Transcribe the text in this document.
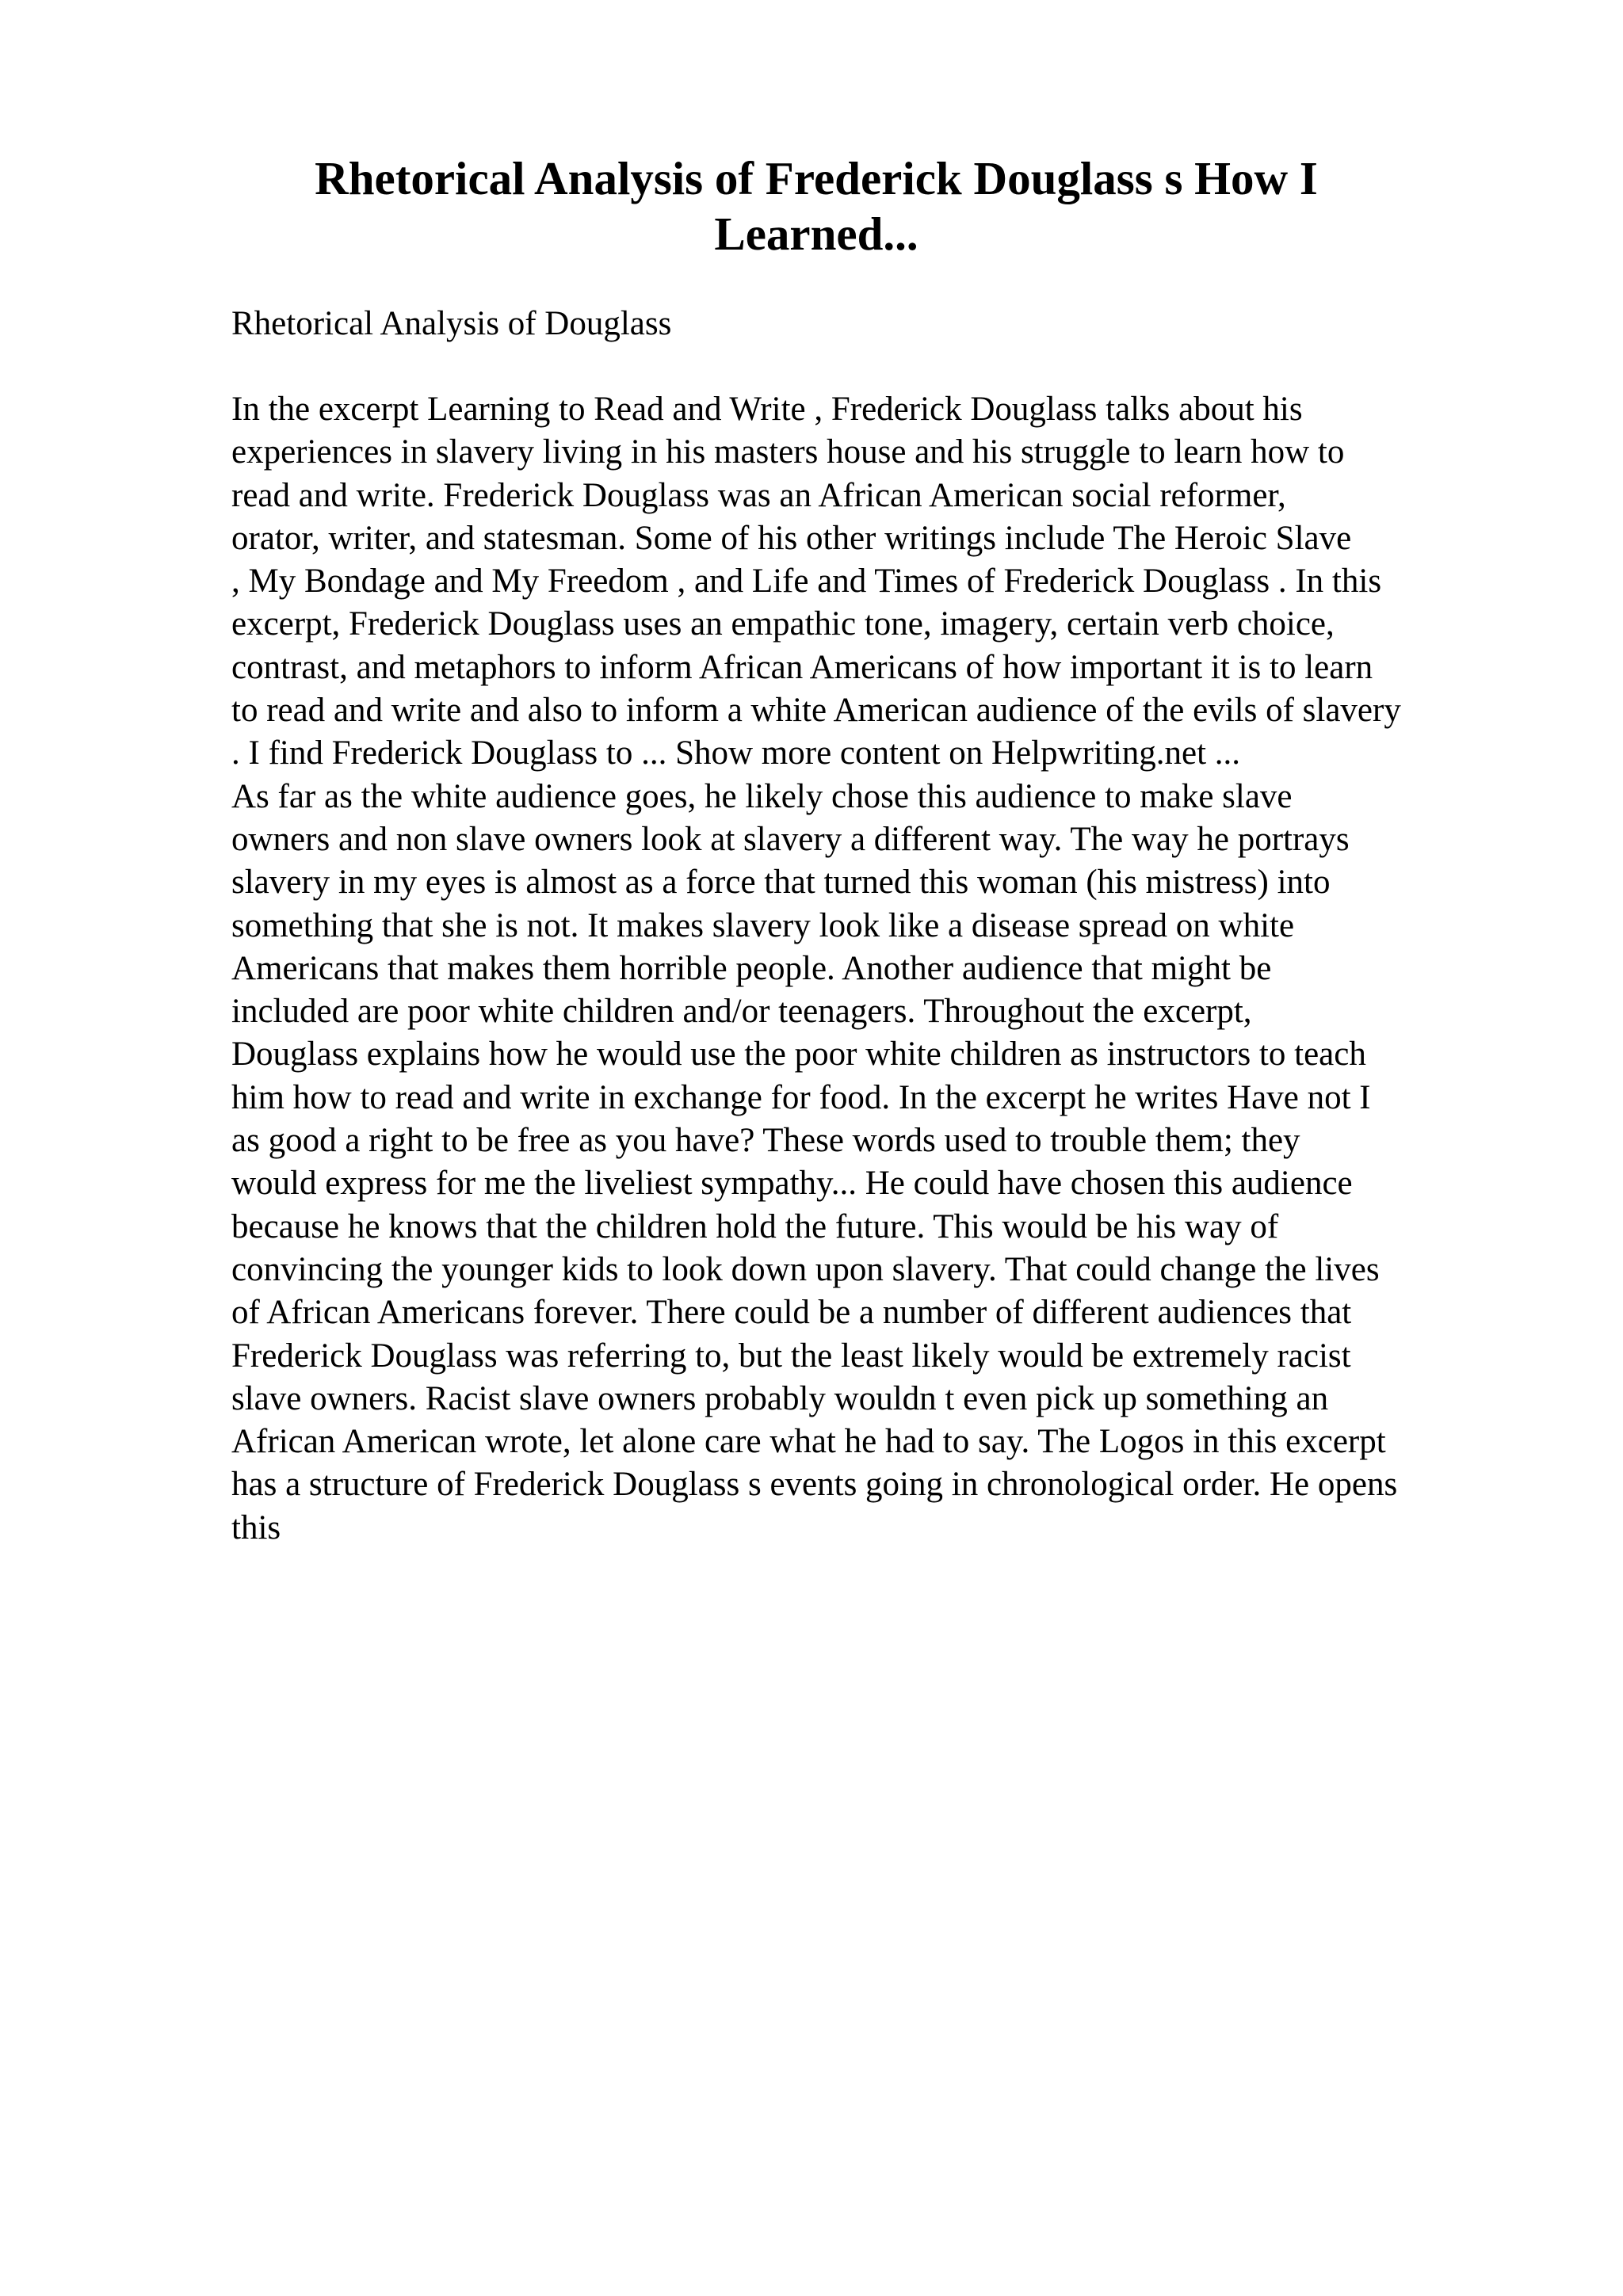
Rhetorical Analysis of Frederick Douglass s How I
Learned...

Rhetorical Analysis of Douglass

In the excerpt Learning to Read and Write , Frederick Douglass talks about his
experiences in slavery living in his masters house and his struggle to learn how to
read and write. Frederick Douglass was an African American social reformer,
orator, writer, and statesman. Some of his other writings include The Heroic Slave
, My Bondage and My Freedom , and Life and Times of Frederick Douglass . In this
excerpt, Frederick Douglass uses an empathic tone, imagery, certain verb choice,
contrast, and metaphors to inform African Americans of how important it is to learn
to read and write and also to inform a white American audience of the evils of slavery
. I find Frederick Douglass to ... Show more content on Helpwriting.net ...
As far as the white audience goes, he likely chose this audience to make slave
owners and non slave owners look at slavery a different way. The way he portrays
slavery in my eyes is almost as a force that turned this woman (his mistress) into
something that she is not. It makes slavery look like a disease spread on white
Americans that makes them horrible people. Another audience that might be
included are poor white children and/or teenagers. Throughout the excerpt,
Douglass explains how he would use the poor white children as instructors to teach
him how to read and write in exchange for food. In the excerpt he writes Have not I
as good a right to be free as you have? These words used to trouble them; they
would express for me the liveliest sympathy... He could have chosen this audience
because he knows that the children hold the future. This would be his way of
convincing the younger kids to look down upon slavery. That could change the lives
of African Americans forever. There could be a number of different audiences that
Frederick Douglass was referring to, but the least likely would be extremely racist
slave owners. Racist slave owners probably wouldn t even pick up something an
African American wrote, let alone care what he had to say. The Logos in this excerpt
has a structure of Frederick Douglass s events going in chronological order. He opens
this
